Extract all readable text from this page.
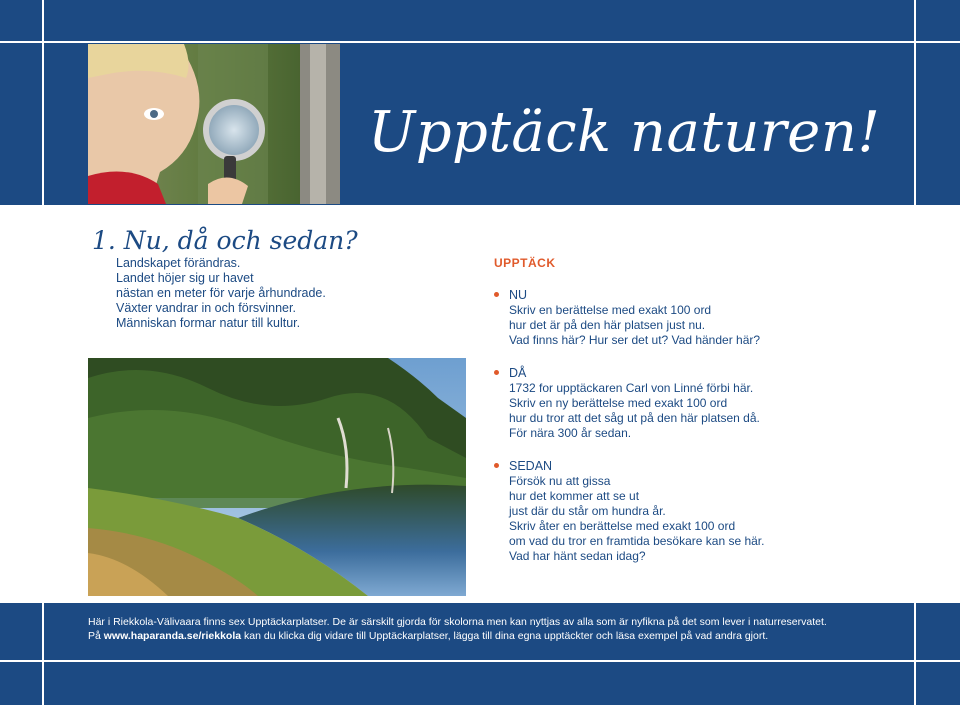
Upptäck naturen!
1. Nu, då och sedan?
Landskapet förändras.
Landet höjer sig ur havet
nästan en meter för varje århundrade.
Växter vandrar in och försvinner.
Människan formar natur till kultur.
UPPTÄCK
NU
Skriv en berättelse med exakt 100 ord
hur det är på den här platsen just nu.
Vad finns här? Hur ser det ut? Vad händer här?
DÅ
1732 for upptäckaren Carl von Linné förbi här.
Skriv en ny berättelse med exakt 100 ord
hur du tror att det såg ut på den här platsen då.
För nära 300 år sedan.
SEDAN
Försök nu att gissa
hur det kommer att se ut
just där du står om hundra år.
Skriv åter en berättelse med exakt 100 ord
om vad du tror en framtida besökare kan se här.
Vad har hänt sedan idag?
Här i Riekkola-Välivaara finns sex Upptäckarplatser. De är särskilt gjorda för skolorna men kan nyttjas av alla som är nyfikna på det som lever i naturreservatet.
På www.haparanda.se/riekkola kan du klicka dig vidare till Upptäckarplatser, lägga till dina egna upptäckter och läsa exempel på vad andra gjort.
